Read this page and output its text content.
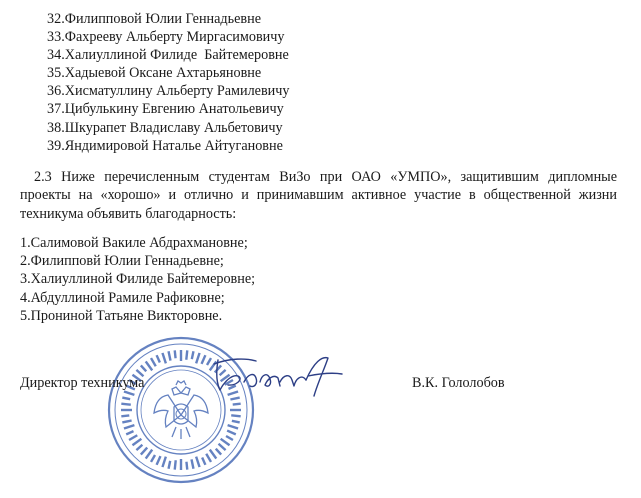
32.Филипповой Юлии Геннадьевне
33.Фахрееву Альберту Миргасимовичу
34.Халиуллиной Филиде  Байтемеровне
35.Хадыевой Оксане Ахтарьяновне
36.Хисматуллину Альберту Рамилевичу
37.Цибулькину Евгению Анатольевичу
38.Шкурапет Владиславу Альбетовичу
39.Яндимировой Наталье Айтугановне
2.3 Ниже перечисленным студентам ВиЗо при ОАО «УМПО», защитившим дипломные проекты на «хорошо» и отлично и принимавшим активное участие в общественной жизни техникума объявить благодарность:
1.Салимовой Вакиле Абдрахмановне;
2.Филипповй Юлии Геннадьевне;
3.Халиуллиной Филиде Байтемеровне;
4.Абдуллиной Рамиле Рафиковне;
5.Прониной Татьяне Викторовне.
Директор техникума	В.К. Гололобов
